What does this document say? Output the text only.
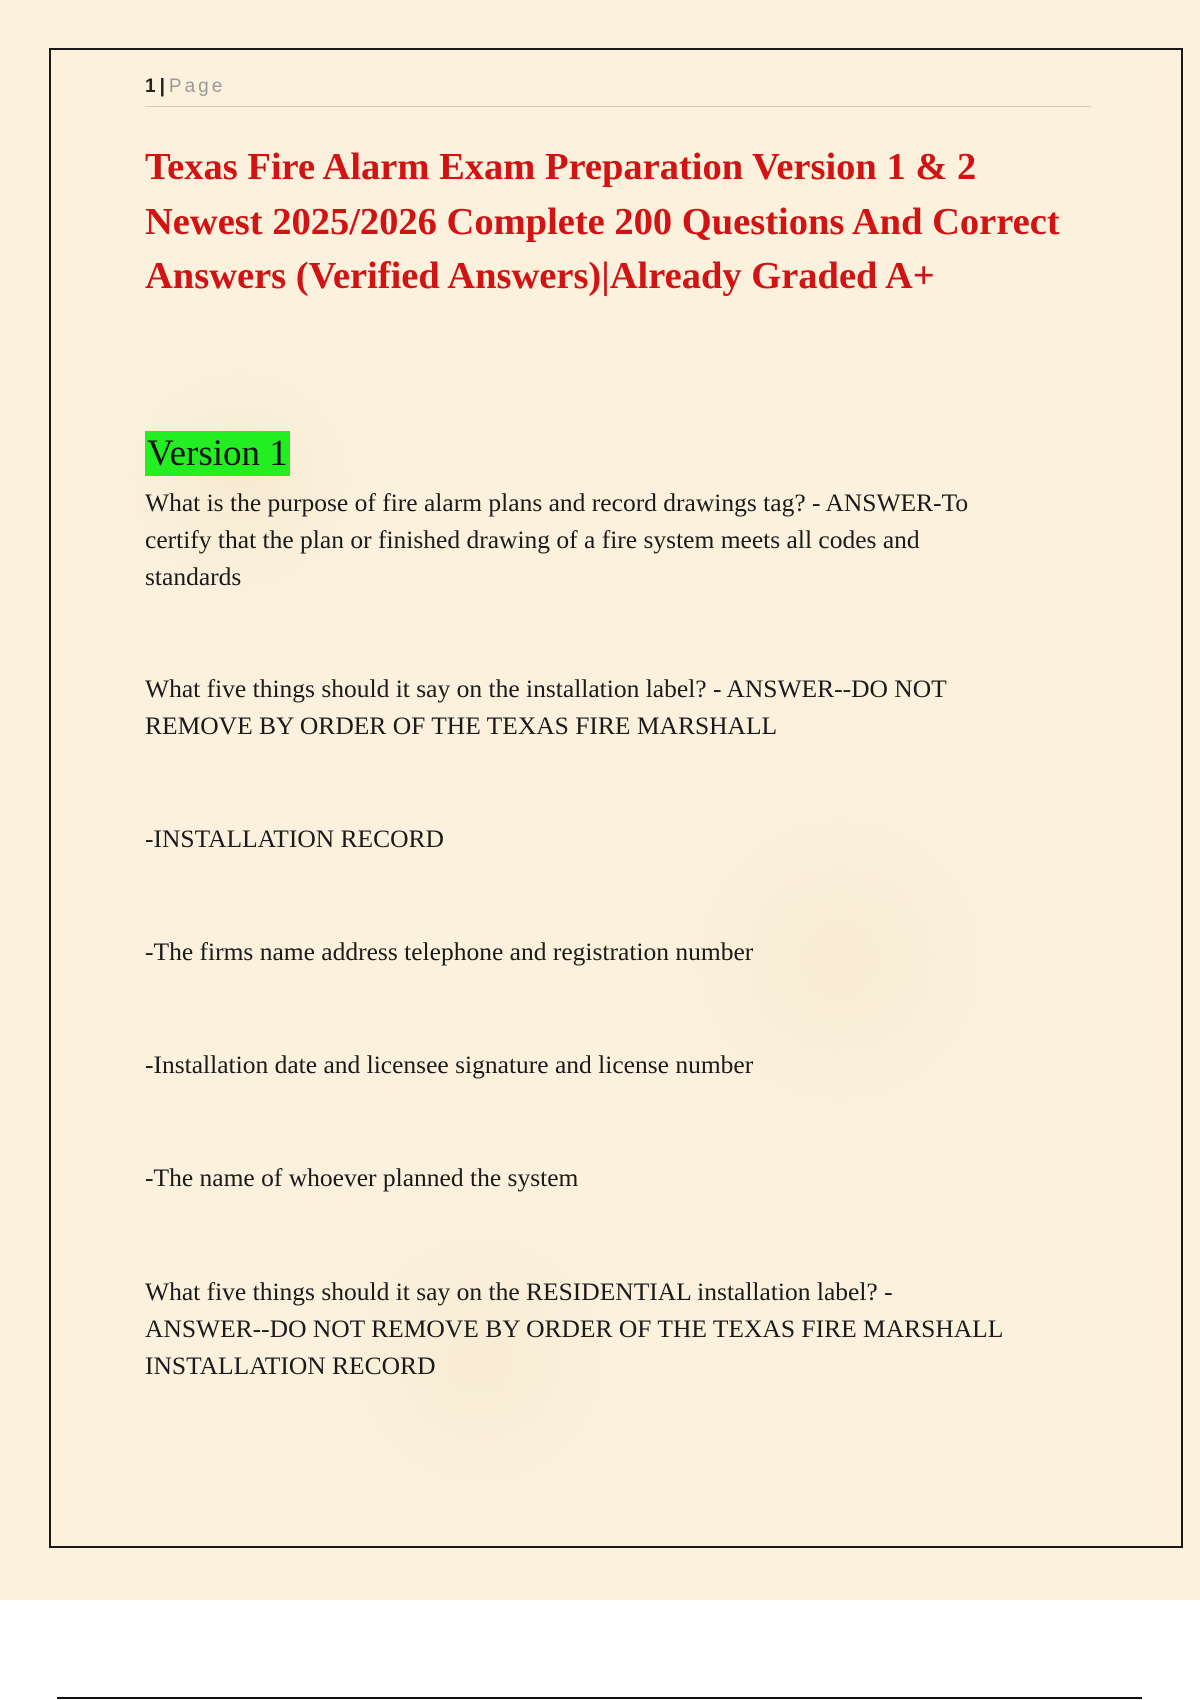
1 | Page
Texas Fire Alarm Exam Preparation Version 1 & 2 Newest 2025/2026 Complete 200 Questions And Correct Answers (Verified Answers)|Already Graded A+
Version 1

What is the purpose of fire alarm plans and record drawings tag? - ANSWER-To certify that the plan or finished drawing of a fire system meets all codes and standards

What five things should it say on the installation label? - ANSWER--DO NOT REMOVE BY ORDER OF THE TEXAS FIRE MARSHALL

-INSTALLATION RECORD

-The firms name address telephone and registration number

-Installation date and licensee signature and license number

-The name of whoever planned the system

What five things should it say on the RESIDENTIAL installation label? - ANSWER--DO NOT REMOVE BY ORDER OF THE TEXAS FIRE MARSHALL INSTALLATION RECORD
